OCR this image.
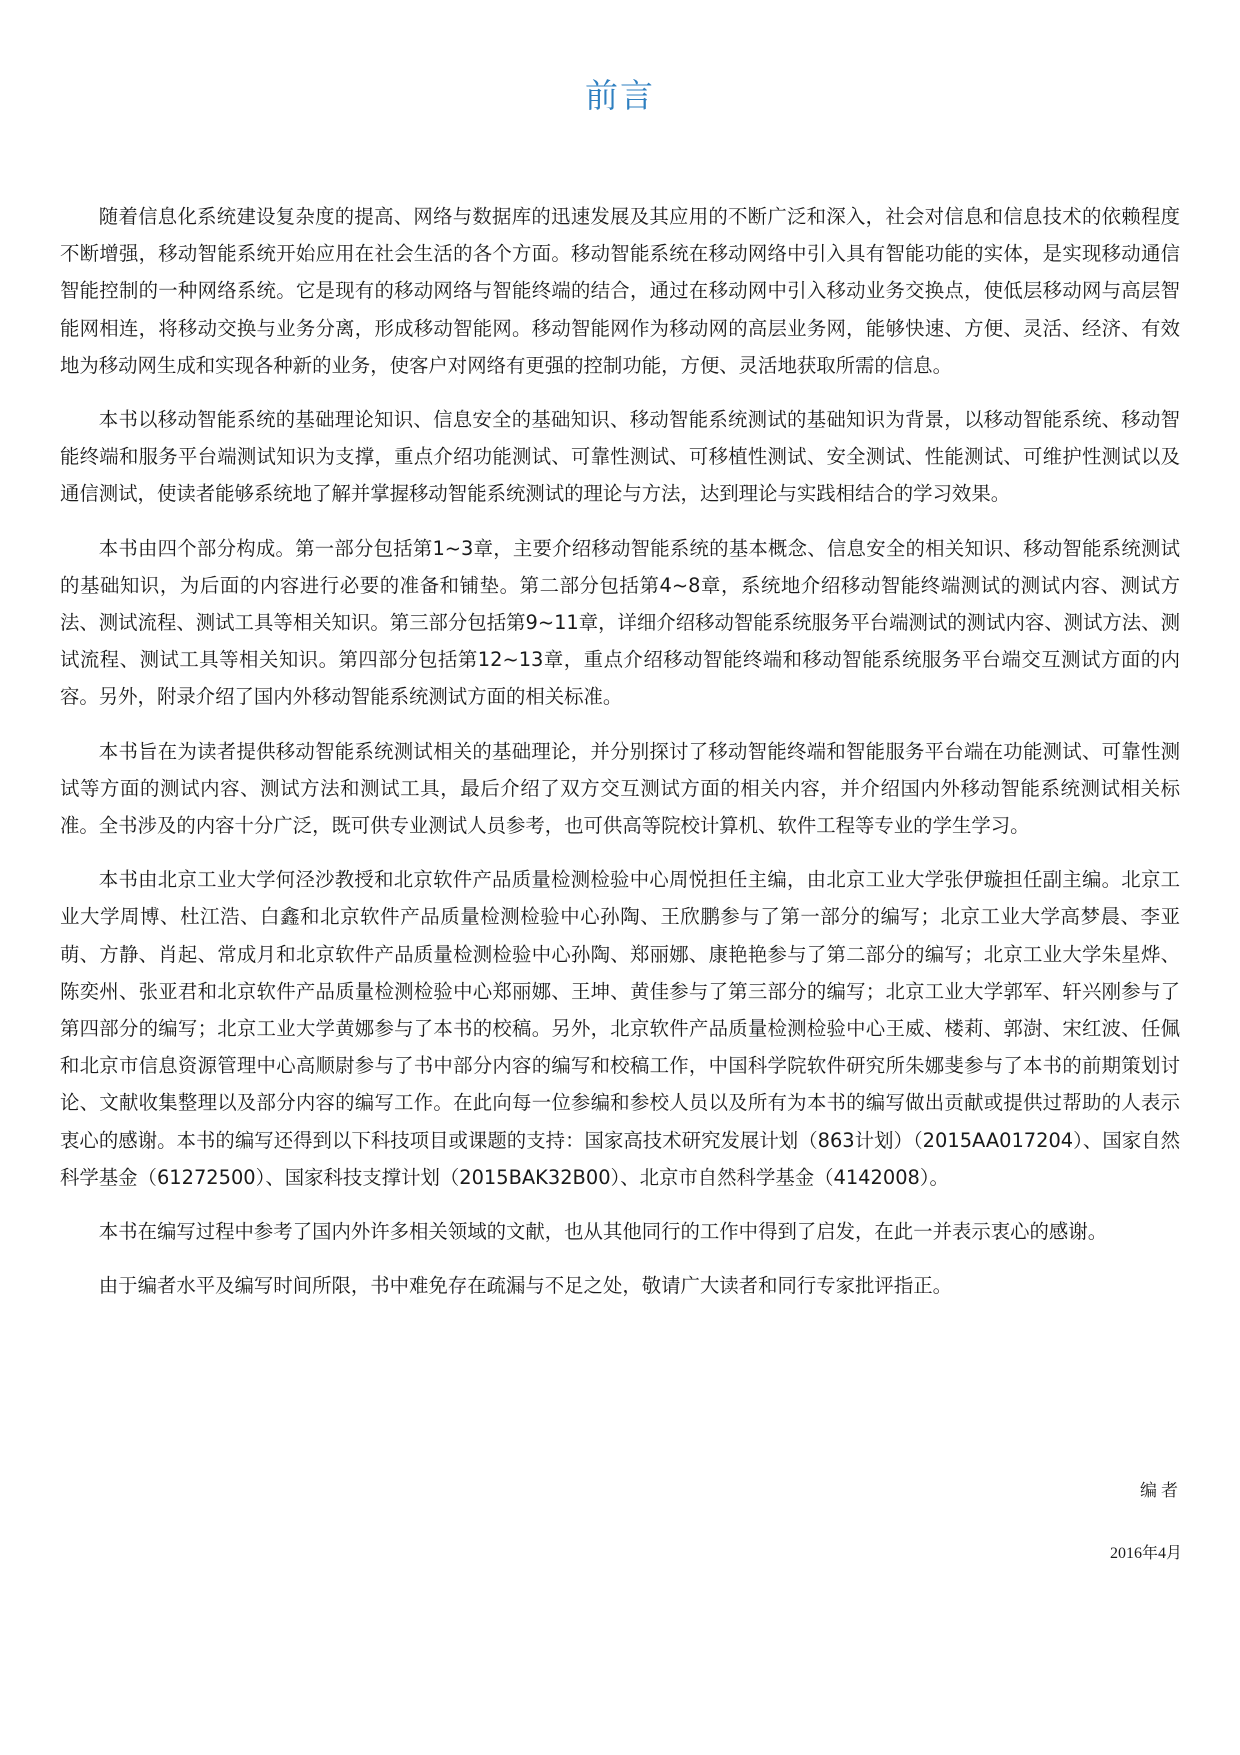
前言

随着信息化系统建设复杂度的提高、网络与数据库的迅速发展及其应用的不断广泛和深入，社会对信息和信息技术的依赖程度不断增强，移动智能系统开始应用在社会生活的各个方面。移动智能系统在移动网络中引入具有智能功能的实体，是实现移动通信智能控制的一种网络系统。它是现有的移动网络与智能终端的结合，通过在移动网中引入移动业务交换点，使低层移动网与高层智能网相连，将移动交换与业务分离，形成移动智能网。移动智能网作为移动网的高层业务网，能够快速、方便、灵活、经济、有效地为移动网生成和实现各种新的业务，使客户对网络有更强的控制功能，方便、灵活地获取所需的信息。

本书以移动智能系统的基础理论知识、信息安全的基础知识、移动智能系统测试的基础知识为背景，以移动智能系统、移动智能终端和服务平台端测试知识为支撑，重点介绍功能测试、可靠性测试、可移植性测试、安全测试、性能测试、可维护性测试以及通信测试，使读者能够系统地了解并掌握移动智能系统测试的理论与方法，达到理论与实践相结合的学习效果。

本书由四个部分构成。第一部分包括第1~3章，主要介绍移动智能系统的基本概念、信息安全的相关知识、移动智能系统测试的基础知识，为后面的内容进行必要的准备和铺垫。第二部分包括第4~8章，系统地介绍移动智能终端测试的测试内容、测试方法、测试流程、测试工具等相关知识。第三部分包括第9~11章，详细介绍移动智能系统服务平台端测试的测试内容、测试方法、测试流程、测试工具等相关知识。第四部分包括第12~13章，重点介绍移动智能终端和移动智能系统服务平台端交互测试方面的内容。另外，附录介绍了国内外移动智能系统测试方面的相关标准。

本书旨在为读者提供移动智能系统测试相关的基础理论，并分别探讨了移动智能终端和智能服务平台端在功能测试、可靠性测试等方面的测试内容、测试方法和测试工具，最后介绍了双方交互测试方面的相关内容，并介绍国内外移动智能系统测试相关标准。全书涉及的内容十分广泛，既可供专业测试人员参考，也可供高等院校计算机、软件工程等专业的学生学习。

本书由北京工业大学何泾沙教授和北京软件产品质量检测检验中心周悦担任主编，由北京工业大学张伊璇担任副主编。北京工业大学周博、杜江浩、白鑫和北京软件产品质量检测检验中心孙陶、王欣鹏参与了第一部分的编写；北京工业大学高梦晨、李亚萌、方静、肖起、常成月和北京软件产品质量检测检验中心孙陶、郑丽娜、康艳艳参与了第二部分的编写；北京工业大学朱星烨、陈奕州、张亚君和北京软件产品质量检测检验中心郑丽娜、王坤、黄佳参与了第三部分的编写；北京工业大学郭军、轩兴刚参与了第四部分的编写；北京工业大学黄娜参与了本书的校稿。另外，北京软件产品质量检测检验中心王威、楼莉、郭澍、宋红波、任佩和北京市信息资源管理中心高顺尉参与了书中部分内容的编写和校稿工作，中国科学院软件研究所朱娜斐参与了本书的前期策划讨论、文献收集整理以及部分内容的编写工作。在此向每一位参编和参校人员以及所有为本书的编写做出贡献或提供过帮助的人表示衷心的感谢。本书的编写还得到以下科技项目或课题的支持：国家高技术研究发展计划（863计划）（2015AA017204）、国家自然科学基金（61272500）、国家科技支撑计划（2015BAK32B00）、北京市自然科学基金（4142008）。

本书在编写过程中参考了国内外许多相关领域的文献，也从其他同行的工作中得到了启发，在此一并表示衷心的感谢。

由于编者水平及编写时间所限，书中难免存在疏漏与不足之处，敬请广大读者和同行专家批评指正。

编者
2016年4月
